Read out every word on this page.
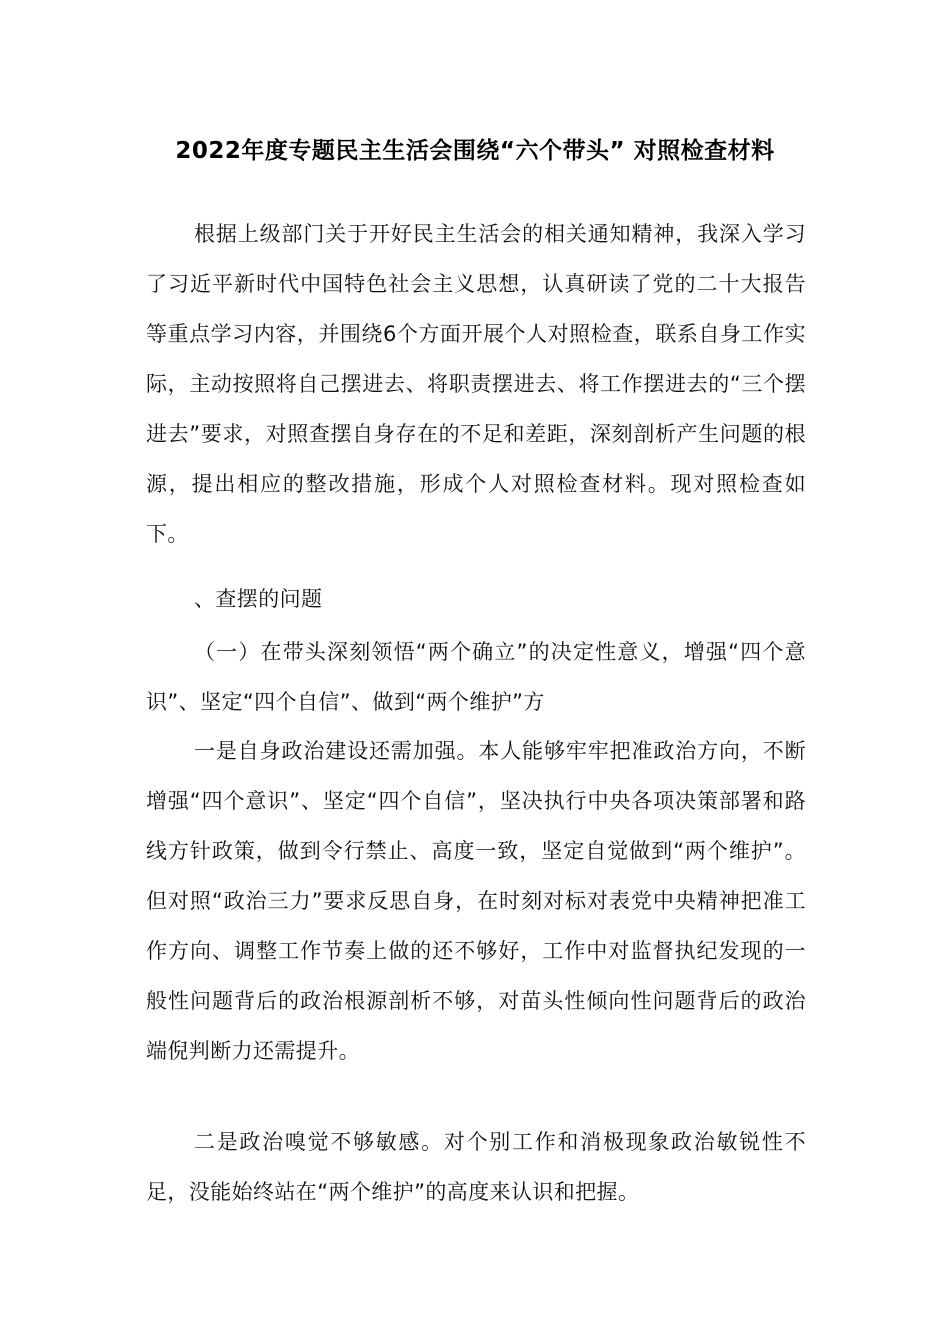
2022年度专题民主生活会围绕“六个带头” 对照检查材料
根据上级部门关于开好民主生活会的相关通知精神，我深入学习了习近平新时代中国特色社会主义思想，认真研读了党的二十大报告等重点学习内容，并围绕6个方面开展个人对照检查，联系自身工作实际，主动按照将自己摆进去、将职责摆进去、将工作摆进去的“三个摆进去”要求，对照查摆自身存在的不足和差距，深刻剖析产生问题的根源，提出相应的整改措施，形成个人对照检查材料。现对照检查如下。
、查摆的问题
（一）在带头深刻领悟“两个确立”的决定性意义，增强“四个意识”、坚定“四个自信”、做到“两个维护”方
一是自身政治建设还需加强。本人能够牢牢把准政治方向，不断增强“四个意识”、坚定“四个自信”，坚决执行中央各项决策部署和路线方针政策，做到令行禁止、高度一致，坚定自觉做到“两个维护”。但对照“政治三力”要求反思自身，在时刻对标对表党中央精神把准工作方向、调整工作节奏上做的还不够好，工作中对监督执纪发现的一般性问题背后的政治根源剖析不够，对苗头性倾向性问题背后的政治端倪判断力还需提升。
二是政治嗅觉不够敏感。对个别工作和消极现象政治敏锐性不足，没能始终站在“两个维护”的高度来认识和把握。
